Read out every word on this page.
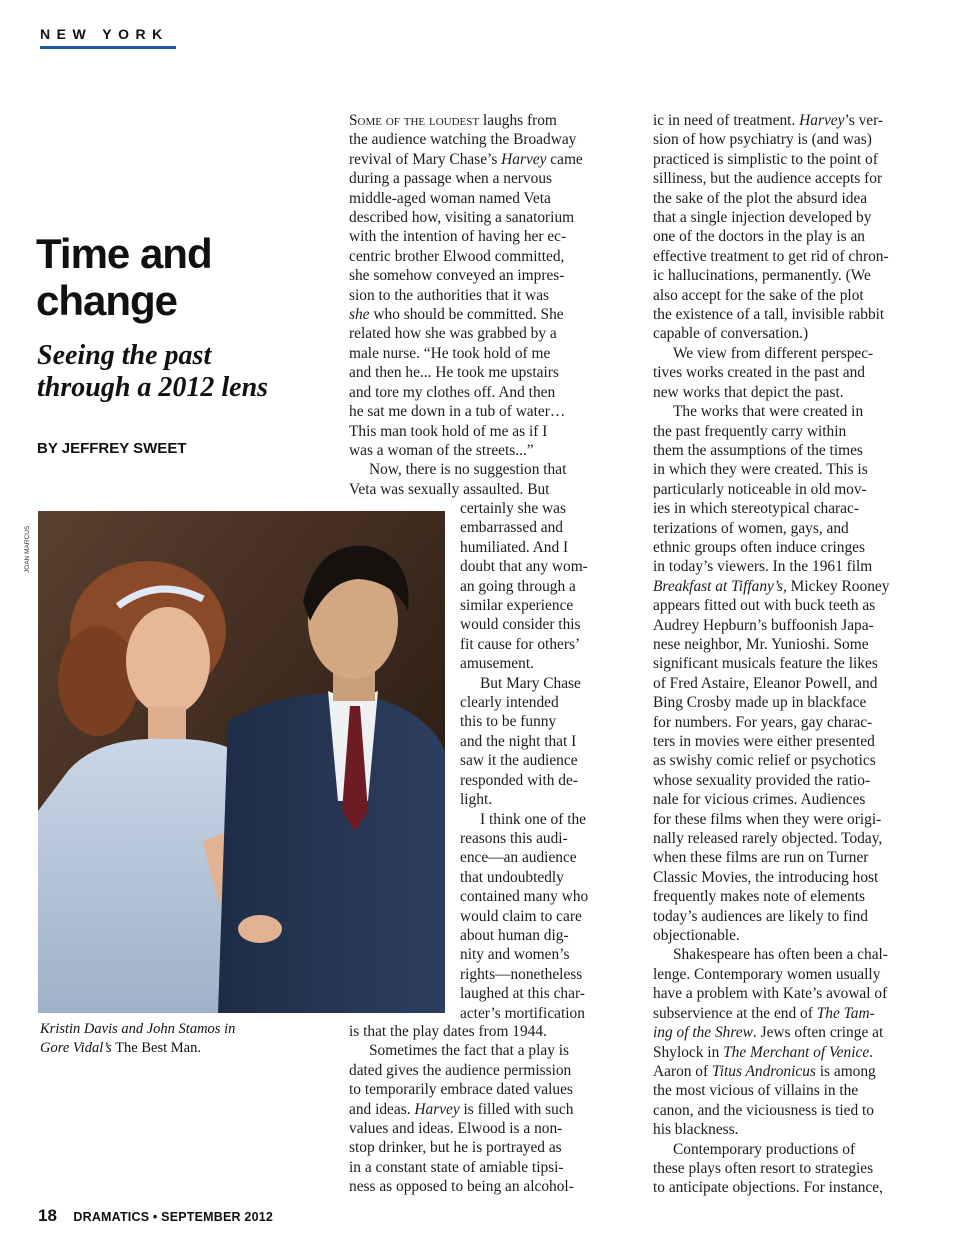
NEW YORK
Time and
change
Seeing the past
through a 2012 lens
BY JEFFREY SWEET
JOAN MARCUS
Kristin Davis and John Stamos in
Gore Vidal’s The Best Man.
Some of the loudest laughs from
the audience watching the Broadway
revival of Mary Chase’s Harvey came
during a passage when a nervous
middle-aged woman named Veta
described how, visiting a sanatorium
with the intention of having her ec-
centric brother Elwood committed,
she somehow conveyed an impres-
sion to the authorities that it was
she who should be committed. She
related how she was grabbed by a
male nurse. “He took hold of me
and then he... He took me upstairs
and tore my clothes off. And then
he sat me down in a tub of water…
This man took hold of me as if I
was a woman of the streets...”
Now, there is no suggestion that
Veta was sexually assaulted. But
certainly she was
embarrassed and
humiliated. And I
doubt that any wom-
an going through a
similar experience
would consider this
fit cause for others’
amusement.
But Mary Chase
clearly intended
this to be funny
and the night that I
saw it the audience
responded with de-
light.
I think one of the
reasons this audi-
ence—an audience
that undoubtedly
contained many who
would claim to care
about human dig-
nity and women’s
rights—nonetheless
laughed at this char-
acter’s mortification
is that the play dates from 1944.
Sometimes the fact that a play is
dated gives the audience permission
to temporarily embrace dated values
and ideas. Harvey is filled with such
values and ideas. Elwood is a non-
stop drinker, but he is portrayed as
in a constant state of amiable tipsi-
ness as opposed to being an alcohol-
ic in need of treatment. Harvey’s ver-
sion of how psychiatry is (and was)
practiced is simplistic to the point of
silliness, but the audience accepts for
the sake of the plot the absurd idea
that a single injection developed by
one of the doctors in the play is an
effective treatment to get rid of chron-
ic hallucinations, permanently. (We
also accept for the sake of the plot
the existence of a tall, invisible rabbit
capable of conversation.)
We view from different perspec-
tives works created in the past and
new works that depict the past.
The works that were created in
the past frequently carry within
them the assumptions of the times
in which they were created. This is
particularly noticeable in old mov-
ies in which stereotypical charac-
terizations of women, gays, and
ethnic groups often induce cringes
in today’s viewers. In the 1961 film
Breakfast at Tiffany’s, Mickey Rooney
appears fitted out with buck teeth as
Audrey Hepburn’s buffoonish Japa-
nese neighbor, Mr. Yunioshi. Some
significant musicals feature the likes
of Fred Astaire, Eleanor Powell, and
Bing Crosby made up in blackface
for numbers. For years, gay charac-
ters in movies were either presented
as swishy comic relief or psychotics
whose sexuality provided the ratio-
nale for vicious crimes. Audiences
for these films when they were origi-
nally released rarely objected. Today,
when these films are run on Turner
Classic Movies, the introducing host
frequently makes note of elements
today’s audiences are likely to find
objectionable.
Shakespeare has often been a chal-
lenge. Contemporary women usually
have a problem with Kate’s avowal of
subservience at the end of The Tam-
ing of the Shrew. Jews often cringe at
Shylock in The Merchant of Venice.
Aaron of Titus Andronicus is among
the most vicious of villains in the
canon, and the viciousness is tied to
his blackness.
Contemporary productions of
these plays often resort to strategies
to anticipate objections. For instance,
18 DRAMATICS • SEPTEMBER 2012
